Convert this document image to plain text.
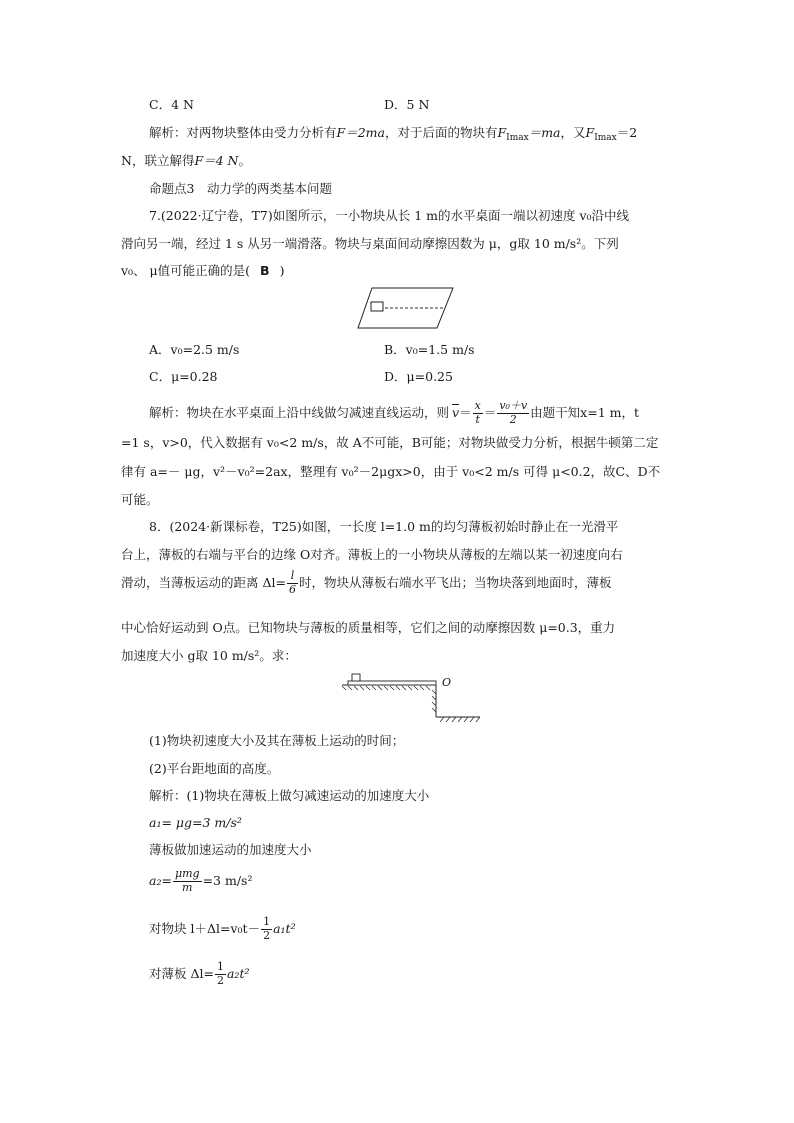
C．4 N	D．5 N
解析：对两物块整体由受力分析有F＝2ma，对于后面的物块有$F_{Imax}=ma$，又$F_{Imax}=2$
N，联立解得F＝4 N。
命题点3　动力学的两类基本问题
7.(2022·辽宁卷，T7)如图所示，一小物块从长 1 m的水平桌面一端以初速度 v₀沿中线
滑向另一端，经过 1 s 从另一端滑落。物块与桌面间动摩擦因数为 μ，g取 10 m/s²。下列
v₀、 μ值可能正确的是( B )
A．v₀=2.5 m/s	B．v₀=1.5 m/s
C．μ=0.28	D．μ=0.25
解析：物块在水平桌面上沿中线做匀减速直线运动，则 $\overline{v} = \frac{x}{t} = \frac{\text{v₀＋v}}{2}$ 由题干知x=1 m，t
=1 s，v>0，代入数据有 v₀<2 m/s，故 A不可能，B可能；对物块做受力分析，根据牛顿第二定
律有 a=－ μg，v²－v₀²=2ax，整理有 v₀²－2μgx>0，由于 v₀<2 m/s 可得 μ<0.2，故C、D不
可能。
8．(2024·新课标卷，T25)如图，一长度 l=1.0 m的均匀薄板初始时静止在一光滑平
台上，薄板的右端与平台的边缘 O对齐。薄板上的一小物块从薄板的左端以某一初速度向右
滑动，当薄板运动的距离 $\Delta l= \frac{l}{6}$ 时，物块从薄板右端水平飞出；当物块落到地面时，薄板
中心恰好运动到 O点。已知物块与薄板的质量相等，它们之间的动摩擦因数 μ=0.3，重力
加速度大小 g取 10 m/s²。求：
O
(1)物块初速度大小及其在薄板上运动的时间；
(2)平台距地面的高度。
解析：(1)物块在薄板上做匀减速运动的加速度大小
a₁= μg=3 m/s²
薄板做加速运动的加速度大小
$a_2= \frac{\text{μmg}}{m} =3$ m/s²
对物块 $l+\Delta l=v_0t- \frac{1}{2} a_1t^2$
对薄板 $\Delta l= \frac{1}{2} a_2t^2$
